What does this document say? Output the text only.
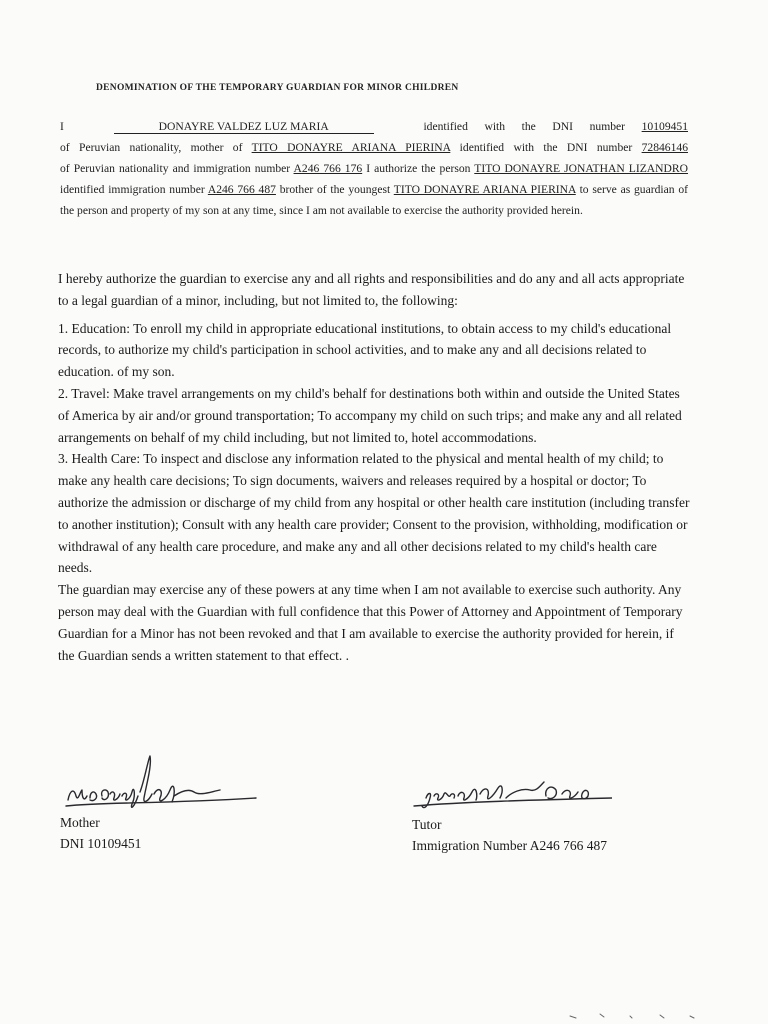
DENOMINATION OF THE TEMPORARY GUARDIAN FOR MINOR CHILDREN
I	DONAYRE VALDEZ LUZ MARIA	identified with the DNI number 10109451 of Peruvian nationality, mother of TITO DONAYRE ARIANA PIERINA identified with the DNI number 72846146 of Peruvian nationality and immigration number A246 766 176 I authorize the person TITO DONAYRE JONATHAN LIZANDRO identified immigration number A246 766 487 brother of the youngest TITO DONAYRE ARIANA PIERINA to serve as guardian of the person and property of my son at any time, since I am not available to exercise the authority provided herein.

I hereby authorize the guardian to exercise any and all rights and responsibilities and do any and all acts appropriate to a legal guardian of a minor, including, but not limited to, the following:

1. Education: To enroll my child in appropriate educational institutions, to obtain access to my child's educational records, to authorize my child's participation in school activities, and to make any and all decisions related to education. of my son.

2. Travel: Make travel arrangements on my child's behalf for destinations both within and outside the United States of America by air and/or ground transportation; To accompany my child on such trips; and make any and all related arrangements on behalf of my child including, but not limited to, hotel accommodations.

3. Health Care: To inspect and disclose any information related to the physical and mental health of my child; to make any health care decisions; To sign documents, waivers and releases required by a hospital or doctor; To authorize the admission or discharge of my child from any hospital or other health care institution (including transfer to another institution); Consult with any health care provider; Consent to the provision, withholding, modification or withdrawal of any health care procedure, and make any and all other decisions related to my child's health care needs.

The guardian may exercise any of these powers at any time when I am not available to exercise such authority. Any person may deal with the Guardian with full confidence that this Power of Attorney and Appointment of Temporary Guardian for a Minor has not been revoked and that I am available to exercise the authority provided for herein, if the Guardian sends a written statement to that effect. .

Mother
DNI 10109451
Tutor
Immigration Number A246 766 487
